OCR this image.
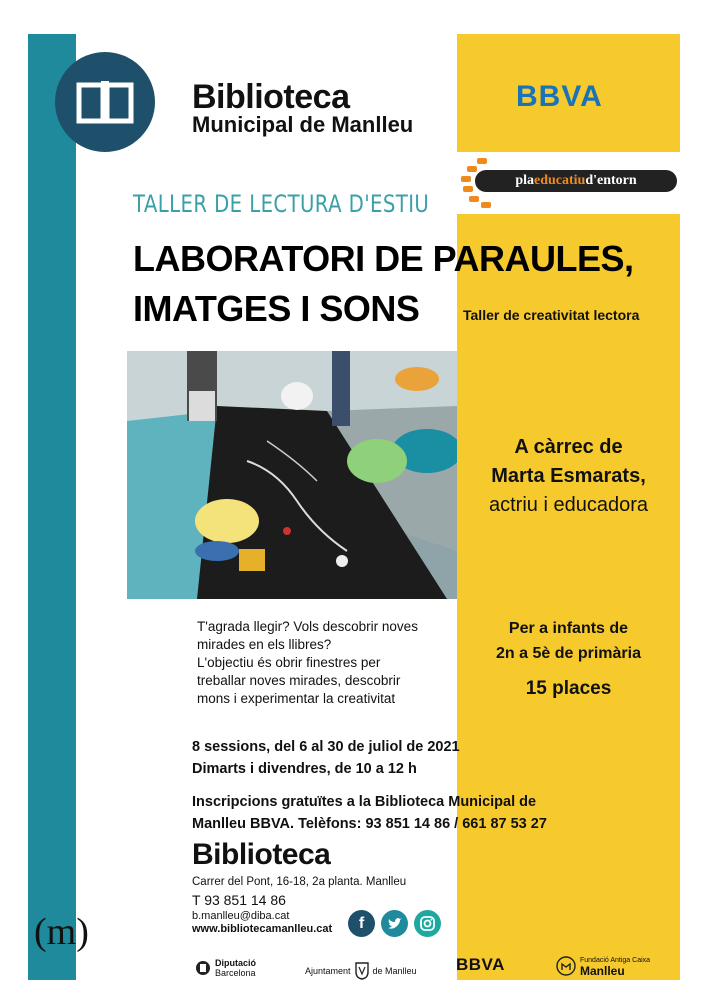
Biblioteca
Municipal de Manlleu
BBVA
pla educatiu d'entorn
TALLER DE LECTURA D'ESTIU
LABORATORI DE PARAULES,
IMATGES I SONS	Taller de creativitat lectora
A càrrec de
Marta Esmarats,
actriu i educadora
T'agrada llegir? Vols descobrir noves
mirades en els llibres?
L'objectiu és obrir finestres per
treballar noves mirades, descobrir
mons i experimentar la creativitat
Per a infants de
2n a 5è de primària
15 places
8 sessions, del 6 al 30 de juliol de 2021
Dimarts i divendres, de 10 a 12 h
Inscripcions gratuïtes a la Biblioteca Municipal de
Manlleu BBVA. Telèfons: 93 851 14 86 / 661 87 53 27
Biblioteca
Carrer del Pont, 16-18, 2a planta. Manlleu
T 93 851 14 86
b.manlleu@diba.cat
www.bibliotecamanlleu.cat f
(m)
Diputació
Barcelona	Ajuntament de Manlleu BBVA	Fundació Antiga Caixa
Manlleu
